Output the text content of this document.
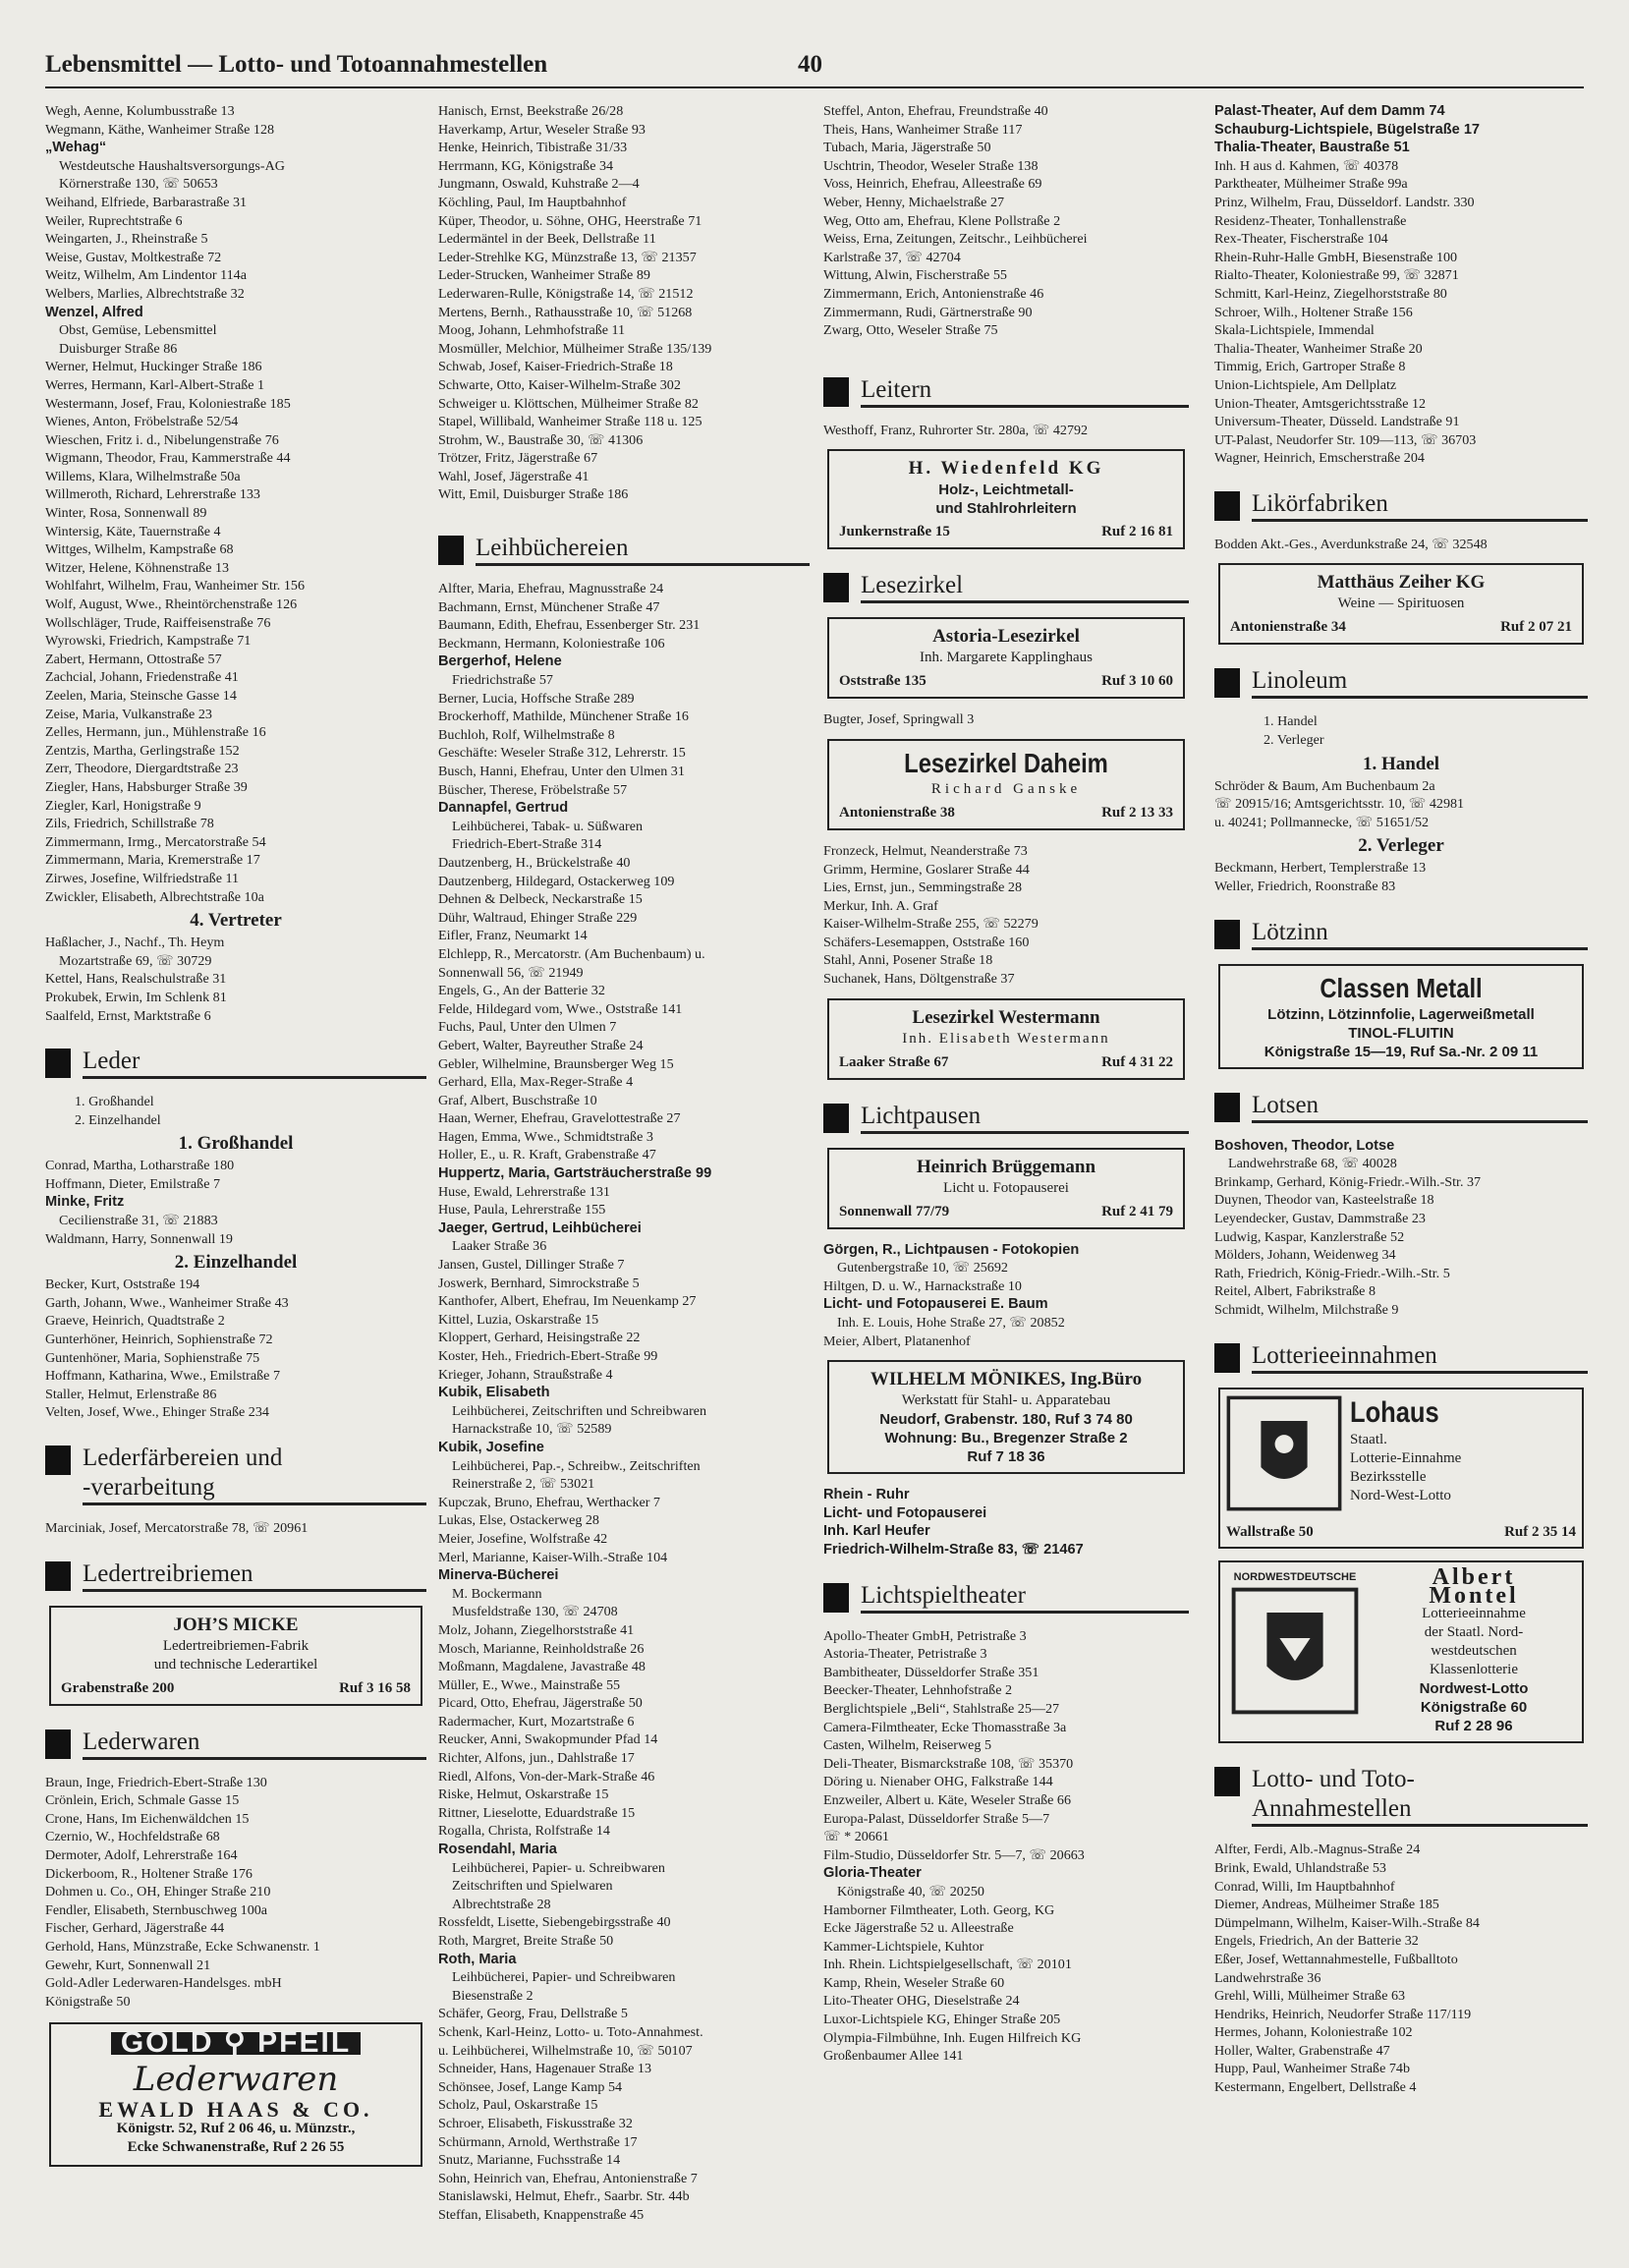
Lebensmittel — Lotto- und Totoannahmestellen	40
Wegh, Aenne, Kolumbusstraße 13
Wegmann, Käthe, Wanheimer Straße 128
„Wehag“
Westdeutsche Haushaltsversorgungs-AG
Körnerstraße 130, ☏ 50653
Weihand, Elfriede, Barbarastraße 31
Weiler, Ruprechtstraße 6
Weingarten, J., Rheinstraße 5
Weise, Gustav, Moltkestraße 72
Weitz, Wilhelm, Am Lindentor 114a
Welbers, Marlies, Albrechtstraße 32
Wenzel, Alfred
Obst, Gemüse, Lebensmittel
Duisburger Straße 86
Werner, Helmut, Huckinger Straße 186
Werres, Hermann, Karl-Albert-Straße 1
Westermann, Josef, Frau, Koloniestraße 185
Wienes, Anton, Fröbelstraße 52/54
Wieschen, Fritz i. d., Nibelungenstraße 76
Wigmann, Theodor, Frau, Kammerstraße 44
Willems, Klara, Wilhelmstraße 50a
Willmeroth, Richard, Lehrerstraße 133
Winter, Rosa, Sonnenwall 89
Wintersig, Käte, Tauernstraße 4
Wittges, Wilhelm, Kampstraße 68
Witzer, Helene, Köhnenstraße 13
Wohlfahrt, Wilhelm, Frau, Wanheimer Str. 156
Wolf, August, Wwe., Rheintörchenstraße 126
Wollschläger, Trude, Raiffeisenstraße 76
Wyrowski, Friedrich, Kampstraße 71
Zabert, Hermann, Ottostraße 57
Zachcial, Johann, Friedenstraße 41
Zeelen, Maria, Steinsche Gasse 14
Zeise, Maria, Vulkanstraße 23
Zelles, Hermann, jun., Mühlenstraße 16
Zentzis, Martha, Gerlingstraße 152
Zerr, Theodore, Diergardtstraße 23
Ziegler, Hans, Habsburger Straße 39
Ziegler, Karl, Honigstraße 9
Zils, Friedrich, Schillstraße 78
Zimmermann, Irmg., Mercatorstraße 54
Zimmermann, Maria, Kremerstraße 17
Zirwes, Josefine, Wilfriedstraße 11
Zwickler, Elisabeth, Albrechtstraße 10a
4. Vertreter
Haßlacher, J., Nachf., Th. Heym
Mozartstraße 69, ☏ 30729
Kettel, Hans, Realschulstraße 31
Prokubek, Erwin, Im Schlenk 81
Saalfeld, Ernst, Marktstraße 6
Leder
1. Großhandel
2. Einzelhandel
1. Großhandel
Conrad, Martha, Lotharstraße 180
Hoffmann, Dieter, Emilstraße 7
Minke, Fritz
Cecilienstraße 31, ☏ 21883
Waldmann, Harry, Sonnenwall 19
2. Einzelhandel
Becker, Kurt, Oststraße 194
Garth, Johann, Wwe., Wanheimer Straße 43
Graeve, Heinrich, Quadtstraße 2
Gunterhöner, Heinrich, Sophienstraße 72
Guntenhöner, Maria, Sophienstraße 75
Hoffmann, Katharina, Wwe., Emilstraße 7
Staller, Helmut, Erlenstraße 86
Velten, Josef, Wwe., Ehinger Straße 234
Lederfärbereien und
-verarbeitung
Marciniak, Josef, Mercatorstraße 78, ☏ 20961
Ledertreibriemen
JOH’S MICKE
Ledertreibriemen-Fabrik
und technische Lederartikel
Grabenstraße 200	Ruf 3 16 58
Lederwaren
Braun, Inge, Friedrich-Ebert-Straße 130
Crönlein, Erich, Schmale Gasse 15
Crone, Hans, Im Eichenwäldchen 15
Czernio, W., Hochfeldstraße 68
Dermoter, Adolf, Lehrerstraße 164
Dickerboom, R., Holtener Straße 176
Dohmen u. Co., OH, Ehinger Straße 210
Fendler, Elisabeth, Sternbuschweg 100a
Fischer, Gerhard, Jägerstraße 44
Gerhold, Hans, Münzstraße, Ecke Schwanenstr. 1
Gewehr, Kurt, Sonnenwall 21
Gold-Adler Lederwaren-Handelsges. mbH
Königstraße 50
GOLD ⚲ PFEIL
Lederwaren
EWALD HAAS & CO.
Königstr. 52, Ruf 2 06 46, u. Münzstr.,
Ecke Schwanenstraße, Ruf 2 26 55
Hanisch, Ernst, Beekstraße 26/28
Haverkamp, Artur, Weseler Straße 93
Henke, Heinrich, Tibistraße 31/33
Herrmann, KG, Königstraße 34
Jungmann, Oswald, Kuhstraße 2—4
Köchling, Paul, Im Hauptbahnhof
Küper, Theodor, u. Söhne, OHG, Heerstraße 71
Ledermäntel in der Beek, Dellstraße 11
Leder-Strehlke KG, Münzstraße 13, ☏ 21357
Leder-Strucken, Wanheimer Straße 89
Lederwaren-Rulle, Königstraße 14, ☏ 21512
Mertens, Bernh., Rathausstraße 10, ☏ 51268
Moog, Johann, Lehmhofstraße 11
Mosmüller, Melchior, Mülheimer Straße 135/139
Schwab, Josef, Kaiser-Friedrich-Straße 18
Schwarte, Otto, Kaiser-Wilhelm-Straße 302
Schweiger u. Klöttschen, Mülheimer Straße 82
Stapel, Willibald, Wanheimer Straße 118 u. 125
Strohm, W., Baustraße 30, ☏ 41306
Trötzer, Fritz, Jägerstraße 67
Wahl, Josef, Jägerstraße 41
Witt, Emil, Duisburger Straße 186
Leihbüchereien
Alfter, Maria, Ehefrau, Magnusstraße 24
Bachmann, Ernst, Münchener Straße 47
Baumann, Edith, Ehefrau, Essenberger Str. 231
Beckmann, Hermann, Koloniestraße 106
Bergerhof, Helene
Friedrichstraße 57
Berner, Lucia, Hoffsche Straße 289
Brockerhoff, Mathilde, Münchener Straße 16
Buchloh, Rolf, Wilhelmstraße 8
Geschäfte: Weseler Straße 312, Lehrerstr. 15
Busch, Hanni, Ehefrau, Unter den Ulmen 31
Büscher, Therese, Fröbelstraße 57
Dannapfel, Gertrud
Leihbücherei, Tabak- u. Süßwaren
Friedrich-Ebert-Straße 314
Dautzenberg, H., Brückelstraße 40
Dautzenberg, Hildegard, Ostackerweg 109
Dehnen & Delbeck, Neckarstraße 15
Dühr, Waltraud, Ehinger Straße 229
Eifler, Franz, Neumarkt 14
Elchlepp, R., Mercatorstr. (Am Buchenbaum) u.
Sonnenwall 56, ☏ 21949
Engels, G., An der Batterie 32
Felde, Hildegard vom, Wwe., Oststraße 141
Fuchs, Paul, Unter den Ulmen 7
Gebert, Walter, Bayreuther Straße 24
Gebler, Wilhelmine, Braunsberger Weg 15
Gerhard, Ella, Max-Reger-Straße 4
Graf, Albert, Buschstraße 10
Haan, Werner, Ehefrau, Gravelottestraße 27
Hagen, Emma, Wwe., Schmidtstraße 3
Holler, E., u. R. Kraft, Grabenstraße 47
Huppertz, Maria, Gartsträucherstraße 99
Huse, Ewald, Lehrerstraße 131
Huse, Paula, Lehrerstraße 155
Jaeger, Gertrud, Leihbücherei
Laaker Straße 36
Jansen, Gustel, Dillinger Straße 7
Joswerk, Bernhard, Simrockstraße 5
Kanthofer, Albert, Ehefrau, Im Neuenkamp 27
Kittel, Luzia, Oskarstraße 15
Kloppert, Gerhard, Heisingstraße 22
Koster, Heh., Friedrich-Ebert-Straße 99
Krieger, Johann, Straußstraße 4
Kubik, Elisabeth
Leihbücherei, Zeitschriften und Schreibwaren
Harnackstraße 10, ☏ 52589
Kubik, Josefine
Leihbücherei, Pap.-, Schreibw., Zeitschriften
Reinerstraße 2, ☏ 53021
Kupczak, Bruno, Ehefrau, Werthacker 7
Lukas, Else, Ostackerweg 28
Meier, Josefine, Wolfstraße 42
Merl, Marianne, Kaiser-Wilh.-Straße 104
Minerva-Bücherei
M. Bockermann
Musfeldstraße 130, ☏ 24708
Molz, Johann, Ziegelhorststraße 41
Mosch, Marianne, Reinholdstraße 26
Moßmann, Magdalene, Javastraße 48
Müller, E., Wwe., Mainstraße 55
Picard, Otto, Ehefrau, Jägerstraße 50
Radermacher, Kurt, Mozartstraße 6
Reucker, Anni, Swakopmunder Pfad 14
Richter, Alfons, jun., Dahlstraße 17
Riedl, Alfons, Von-der-Mark-Straße 46
Riske, Helmut, Oskarstraße 15
Rittner, Lieselotte, Eduardstraße 15
Rogalla, Christa, Rolfstraße 14
Rosendahl, Maria
Leihbücherei, Papier- u. Schreibwaren
Zeitschriften und Spielwaren
Albrechtstraße 28
Rossfeldt, Lisette, Siebengebirgsstraße 40
Roth, Margret, Breite Straße 50
Roth, Maria
Leihbücherei, Papier- und Schreibwaren
Biesenstraße 2
Schäfer, Georg, Frau, Dellstraße 5
Schenk, Karl-Heinz, Lotto- u. Toto-Annahmest.
u. Leihbücherei, Wilhelmstraße 10, ☏ 50107
Schneider, Hans, Hagenauer Straße 13
Schönsee, Josef, Lange Kamp 54
Scholz, Paul, Oskarstraße 15
Schroer, Elisabeth, Fiskusstraße 32
Schürmann, Arnold, Werthstraße 17
Snutz, Marianne, Fuchsstraße 14
Sohn, Heinrich van, Ehefrau, Antonienstraße 7
Stanislawski, Helmut, Ehefr., Saarbr. Str. 44b
Steffan, Elisabeth, Knappenstraße 45
Steffel, Anton, Ehefrau, Freundstraße 40
Theis, Hans, Wanheimer Straße 117
Tubach, Maria, Jägerstraße 50
Uschtrin, Theodor, Weseler Straße 138
Voss, Heinrich, Ehefrau, Alleestraße 69
Weber, Henny, Michaelstraße 27
Weg, Otto am, Ehefrau, Klene Pollstraße 2
Weiss, Erna, Zeitungen, Zeitschr., Leihbücherei
Karlstraße 37, ☏ 42704
Wittung, Alwin, Fischerstraße 55
Zimmermann, Erich, Antonienstraße 46
Zimmermann, Rudi, Gärtnerstraße 90
Zwarg, Otto, Weseler Straße 75
Leitern
Westhoff, Franz, Ruhrorter Str. 280a, ☏ 42792
H. Wiedenfeld KG
Holz-, Leichtmetall-
und Stahlrohrleitern
Junkernstraße 15	Ruf 2 16 81
Lesezirkel
Astoria-Lesezirkel
Inh. Margarete Kapplinghaus
Oststraße 135	Ruf 3 10 60
Bugter, Josef, Springwall 3
Lesezirkel Daheim
Richard Ganske
Antonienstraße 38	Ruf 2 13 33
Fronzeck, Helmut, Neanderstraße 73
Grimm, Hermine, Goslarer Straße 44
Lies, Ernst, jun., Semmingstraße 28
Merkur, Inh. A. Graf
Kaiser-Wilhelm-Straße 255, ☏ 52279
Schäfers-Lesemappen, Oststraße 160
Stahl, Anni, Posener Straße 18
Suchanek, Hans, Döltgenstraße 37
Lesezirkel Westermann
Inh. Elisabeth Westermann
Laaker Straße 67	Ruf 4 31 22
Lichtpausen
Heinrich Brüggemann
Licht u. Fotopauserei
Sonnenwall 77/79	Ruf 2 41 79
Görgen, R., Lichtpausen - Fotokopien
Gutenbergstraße 10, ☏ 25692
Hiltgen, D. u. W., Harnackstraße 10
Licht- und Fotopauserei E. Baum
Inh. E. Louis, Hohe Straße 27, ☏ 20852
Meier, Albert, Platanenhof
WILHELM MÖNIKES, Ing.Büro
Werkstatt für Stahl- u. Apparatebau
Neudorf, Grabenstr. 180, Ruf 3 74 80
Wohnung: Bu., Bregenzer Straße 2
Ruf 7 18 36
Rhein - Ruhr
Licht- und Fotopauserei
Inh. Karl Heufer
Friedrich-Wilhelm-Straße 83, ☏ 21467
Lichtspieltheater
Apollo-Theater GmbH, Petristraße 3
Astoria-Theater, Petristraße 3
Bambitheater, Düsseldorfer Straße 351
Beecker-Theater, Lehnhofstraße 2
Berglichtspiele „Beli“, Stahlstraße 25—27
Camera-Filmtheater, Ecke Thomasstraße 3a
Casten, Wilhelm, Reiserweg 5
Deli-Theater, Bismarckstraße 108, ☏ 35370
Döring u. Nienaber OHG, Falkstraße 144
Enzweiler, Albert u. Käte, Weseler Straße 66
Europa-Palast, Düsseldorfer Straße 5—7
☏ * 20661
Film-Studio, Düsseldorfer Str. 5—7, ☏ 20663
Gloria-Theater
Königstraße 40, ☏ 20250
Hamborner Filmtheater, Loth. Georg, KG
Ecke Jägerstraße 52 u. Alleestraße
Kammer-Lichtspiele, Kuhtor
Inh. Rhein. Lichtspielgesellschaft, ☏ 20101
Kamp, Rhein, Weseler Straße 60
Lito-Theater OHG, Dieselstraße 24
Luxor-Lichtspiele KG, Ehinger Straße 205
Olympia-Filmbühne, Inh. Eugen Hilfreich KG
Großenbaumer Allee 141
Palast-Theater, Auf dem Damm 74
Schauburg-Lichtspiele, Bügelstraße 17
Thalia-Theater, Baustraße 51
Inh. H aus d. Kahmen, ☏ 40378
Parktheater, Mülheimer Straße 99a
Prinz, Wilhelm, Frau, Düsseldorf. Landstr. 330
Residenz-Theater, Tonhallenstraße
Rex-Theater, Fischerstraße 104
Rhein-Ruhr-Halle GmbH, Biesenstraße 100
Rialto-Theater, Koloniestraße 99, ☏ 32871
Schmitt, Karl-Heinz, Ziegelhorststraße 80
Schroer, Wilh., Holtener Straße 156
Skala-Lichtspiele, Immendal
Thalia-Theater, Wanheimer Straße 20
Timmig, Erich, Gartroper Straße 8
Union-Lichtspiele, Am Dellplatz
Union-Theater, Amtsgerichtsstraße 12
Universum-Theater, Düsseld. Landstraße 91
UT-Palast, Neudorfer Str. 109—113, ☏ 36703
Wagner, Heinrich, Emscherstraße 204
Likörfabriken
Bodden Akt.-Ges., Averdunkstraße 24, ☏ 32548
Matthäus Zeiher KG
Weine — Spirituosen
Antonienstraße 34	Ruf 2 07 21
Linoleum
1. Handel
2. Verleger
1. Handel
Schröder & Baum, Am Buchenbaum 2a
☏ 20915/16; Amtsgerichtsstr. 10, ☏ 42981
u. 40241; Pollmannecke, ☏ 51651/52
2. Verleger
Beckmann, Herbert, Templerstraße 13
Weller, Friedrich, Roonstraße 83
Lötzinn
Classen Metall
Lötzinn, Lötzinnfolie, Lagerweißmetall
TINOL-FLUITIN
Königstraße 15—19, Ruf Sa.-Nr. 2 09 11
Lotsen
Boshoven, Theodor, Lotse
Landwehrstraße 68, ☏ 40028
Brinkamp, Gerhard, König-Friedr.-Wilh.-Str. 37
Duynen, Theodor van, Kasteelstraße 18
Leyendecker, Gustav, Dammstraße 23
Ludwig, Kaspar, Kanzlerstraße 52
Mölders, Johann, Weidenweg 34
Rath, Friedrich, König-Friedr.-Wilh.-Str. 5
Reitel, Albert, Fabrikstraße 8
Schmidt, Wilhelm, Milchstraße 9
Lotterieeinnahmen
Lohaus
Staatl.
Lotterie-Einnahme
Bezirksstelle
Nord-West-Lotto
Wallstraße 50	Ruf 2 35 14
NORDWESTDEUTSCHE	Albert
Montel
Lotterieeinnahme
der Staatl. Nord-
westdeutschen
Klassenlotterie
Nordwest-Lotto
Königstraße 60
Ruf 2 28 96
Lotto- und Toto-
Annahmestellen
Alfter, Ferdi, Alb.-Magnus-Straße 24
Brink, Ewald, Uhlandstraße 53
Conrad, Willi, Im Hauptbahnhof
Diemer, Andreas, Mülheimer Straße 185
Dümpelmann, Wilhelm, Kaiser-Wilh.-Straße 84
Engels, Friedrich, An der Batterie 32
Eßer, Josef, Wettannahmestelle, Fußballtoto
Landwehrstraße 36
Grehl, Willi, Mülheimer Straße 63
Hendriks, Heinrich, Neudorfer Straße 117/119
Hermes, Johann, Koloniestraße 102
Holler, Walter, Grabenstraße 47
Hupp, Paul, Wanheimer Straße 74b
Kestermann, Engelbert, Dellstraße 4
